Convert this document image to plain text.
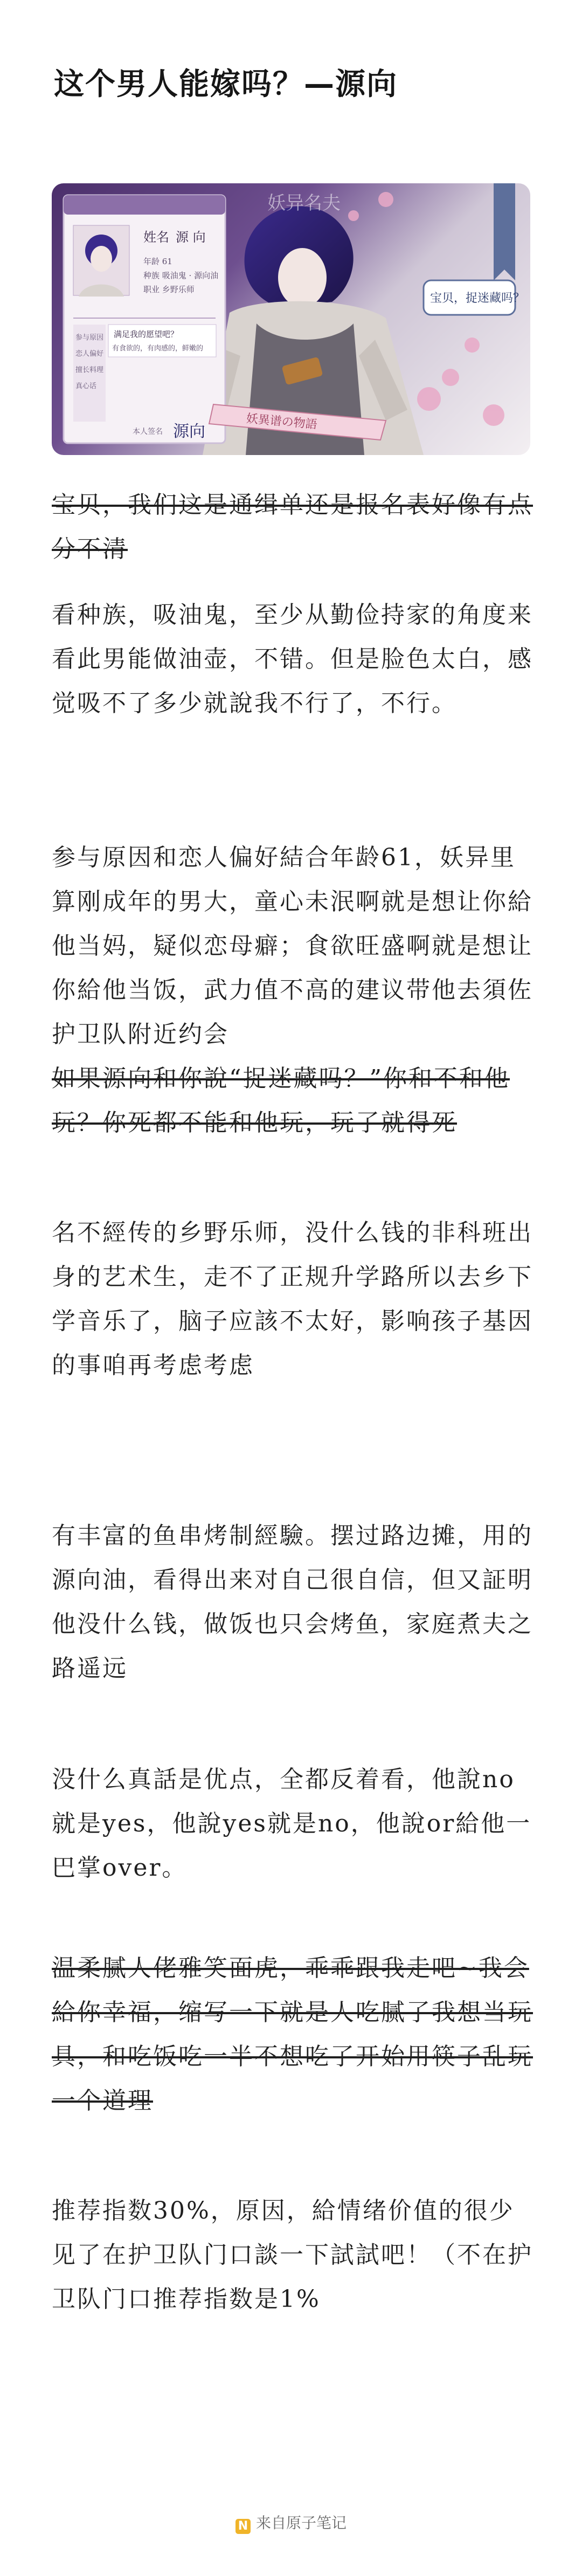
这个男人能嫁吗？—源向
姓名 源 向
年龄 61
种族 吸油鬼 · 源向油
职业 乡野乐师
参与原因
恋人偏好
擅长料理
真心话
满足我的愿望吧？
有食欲的，有肉感的，鲜嫩的
本人签名 源向
妖异名夫
宝贝，捉迷藏吗？
妖異谱の物語

宝贝，我们这是通缉单还是报名表好像有点分不清

看种族，吸油鬼，至少从勤俭持家的角度来看此男能做油壶，不错。但是脸色太白，感觉吸不了多少就說我不行了，不行。

参与原因和恋人偏好結合年龄61，妖异里算刚成年的男大，童心未泯啊就是想让你給他当妈，疑似恋母癖；食欲旺盛啊就是想让你給他当饭，武力值不高的建议带他去須佐护卫队附近约会

如果源向和你說“捉迷藏吗？”你和不和他玩？你死都不能和他玩，玩了就得死

名不經传的乡野乐师，没什么钱的非科班出身的艺术生，走不了正规升学路所以去乡下学音乐了，脑子应該不太好，影响孩子基因的事咱再考虑考虑

有丰富的鱼串烤制經驗。摆过路边摊，用的源向油，看得出来对自己很自信，但又証明他没什么钱，做饭也只会烤鱼，家庭煮夫之路遥远

没什么真話是优点，全都反着看，他說no就是yes，他說yes就是no，他說or給他一巴掌over。

温柔腻人佬雅笑面虎，乖乖跟我走吧~我会給你幸福，缩写一下就是人吃腻了我想当玩具，和吃饭吃一半不想吃了开始用筷子乱玩一个道理

推荐指数30%，原因，給情绪价值的很少见了在护卫队门口談一下試試吧！（不在护卫队门口推荐指数是1%

N 来自原子笔记
